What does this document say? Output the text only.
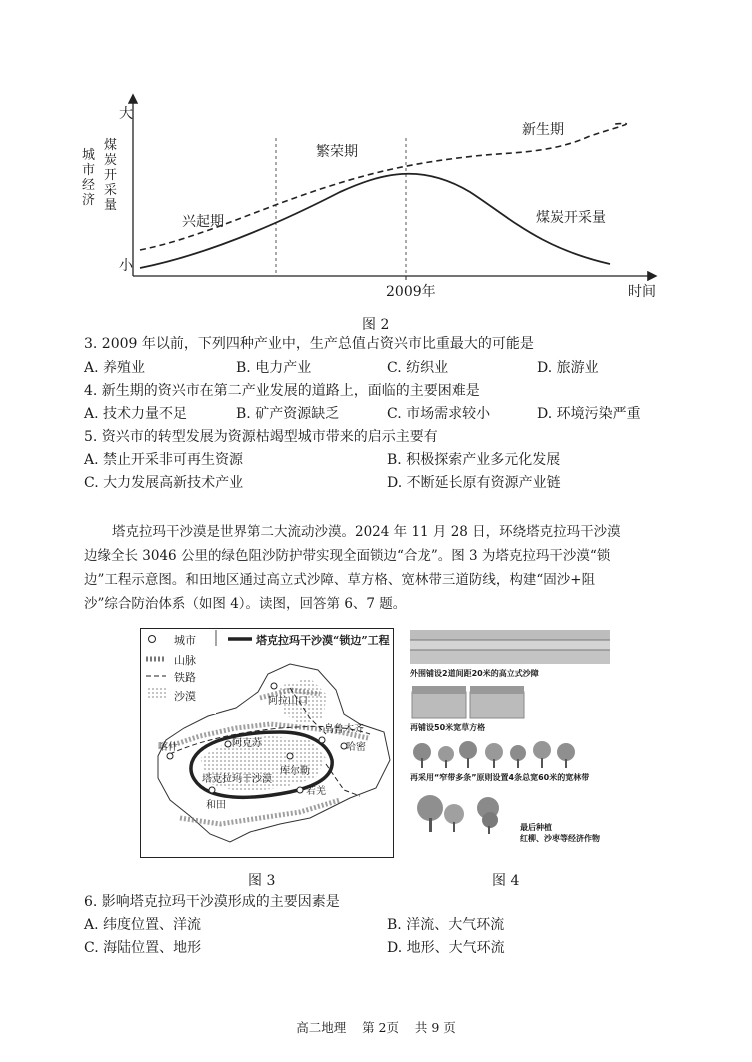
城市经济
煤炭开采量
大
小
兴起期
繁荣期
新生期
煤炭开采量
2009年	时间
图 2
3. 2009 年以前，下列四种产业中，生产总值占资兴市比重最大的可能是
A. 养殖业	B. 电力产业	C. 纺织业	D. 旅游业
4. 新生期的资兴市在第二产业发展的道路上，面临的主要困难是
A. 技术力量不足	B. 矿产资源缺乏	C. 市场需求较小	D. 环境污染严重
5. 资兴市的转型发展为资源枯竭型城市带来的启示主要有
A. 禁止开采非可再生资源	B. 积极探索产业多元化发展
C. 大力发展高新技术产业	D. 不断延长原有资源产业链
塔克拉玛干沙漠是世界第二大流动沙漠。2024 年 11 月 28 日，环绕塔克拉玛干沙漠
边缘全长 3046 公里的绿色阻沙防护带实现全面锁边“合龙”。图 3 为塔克拉玛干沙漠“锁
边”工程示意图。和田地区通过高立式沙障、草方格、宽林带三道防线，构建“固沙+阻
沙”综合防治体系（如图 4）。读图，回答第 6、7 题。
城市	塔克拉玛干沙漠“锁边”工程
山脉
铁路
沙漠	阿拉山口
乌鲁木齐
哈密
喀什	阿克苏
库尔勒
和田
若羌
塔克拉玛干沙漠
图 3
外围铺设2道间距20米的高立式沙障
再铺设50米宽草方格
再采用“窄带多条”原则设置4条总宽60米的宽林带
最后种植
红柳、沙枣等经济作物
图 4
6. 影响塔克拉玛干沙漠形成的主要因素是
A. 纬度位置、洋流	B. 洋流、大气环流
C. 海陆位置、地形	D. 地形、大气环流
高二地理    第 2页    共 9 页
